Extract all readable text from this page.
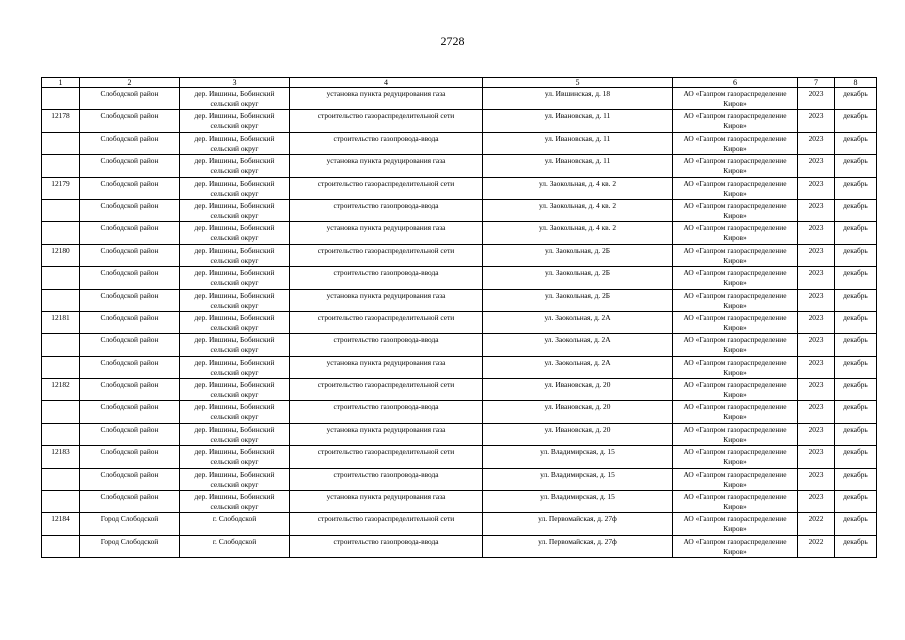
2728
1	2	3	4	5	6	7	8
	Слободской район	дер. Ившины, Бобинский сельский округ	установка пункта редуцирования газа	ул. Ившинская, д. 18	АО «Газпром газораспределение Киров»	2023	декабрь
12178	Слободской район	дер. Ившины, Бобинский сельский округ	строительство газораспределительной сети	ул. Ивановская, д. 11	АО «Газпром газораспределение Киров»	2023	декабрь
	Слободской район	дер. Ившины, Бобинский сельский округ	строительство газопровода-ввода	ул. Ивановская, д. 11	АО «Газпром газораспределение Киров»	2023	декабрь
	Слободской район	дер. Ившины, Бобинский сельский округ	установка пункта редуцирования газа	ул. Ивановская, д. 11	АО «Газпром газораспределение Киров»	2023	декабрь
12179	Слободской район	дер. Ившины, Бобинский сельский округ	строительство газораспределительной сети	ул. Заокольная, д. 4 кв. 2	АО «Газпром газораспределение Киров»	2023	декабрь
	Слободской район	дер. Ившины, Бобинский сельский округ	строительство газопровода-ввода	ул. Заокольная, д. 4 кв. 2	АО «Газпром газораспределение Киров»	2023	декабрь
	Слободской район	дер. Ившины, Бобинский сельский округ	установка пункта редуцирования газа	ул. Заокольная, д. 4 кв. 2	АО «Газпром газораспределение Киров»	2023	декабрь
12180	Слободской район	дер. Ившины, Бобинский сельский округ	строительство газораспределительной сети	ул. Заокольная, д. 2Б	АО «Газпром газораспределение Киров»	2023	декабрь
	Слободской район	дер. Ившины, Бобинский сельский округ	строительство газопровода-ввода	ул. Заокольная, д. 2Б	АО «Газпром газораспределение Киров»	2023	декабрь
	Слободской район	дер. Ившины, Бобинский сельский округ	установка пункта редуцирования газа	ул. Заокольная, д. 2Б	АО «Газпром газораспределение Киров»	2023	декабрь
12181	Слободской район	дер. Ившины, Бобинский сельский округ	строительство газораспределительной сети	ул. Заокольная, д. 2А	АО «Газпром газораспределение Киров»	2023	декабрь
	Слободской район	дер. Ившины, Бобинский сельский округ	строительство газопровода-ввода	ул. Заокольная, д. 2А	АО «Газпром газораспределение Киров»	2023	декабрь
	Слободской район	дер. Ившины, Бобинский сельский округ	установка пункта редуцирования газа	ул. Заокольная, д. 2А	АО «Газпром газораспределение Киров»	2023	декабрь
12182	Слободской район	дер. Ившины, Бобинский сельский округ	строительство газораспределительной сети	ул. Ивановская, д. 20	АО «Газпром газораспределение Киров»	2023	декабрь
	Слободской район	дер. Ившины, Бобинский сельский округ	строительство газопровода-ввода	ул. Ивановская, д. 20	АО «Газпром газораспределение Киров»	2023	декабрь
	Слободской район	дер. Ившины, Бобинский сельский округ	установка пункта редуцирования газа	ул. Ивановская, д. 20	АО «Газпром газораспределение Киров»	2023	декабрь
12183	Слободской район	дер. Ившины, Бобинский сельский округ	строительство газораспределительной сети	ул. Владимирская, д. 15	АО «Газпром газораспределение Киров»	2023	декабрь
	Слободской район	дер. Ившины, Бобинский сельский округ	строительство газопровода-ввода	ул. Владимирская, д. 15	АО «Газпром газораспределение Киров»	2023	декабрь
	Слободской район	дер. Ившины, Бобинский сельский округ	установка пункта редуцирования газа	ул. Владимирская, д. 15	АО «Газпром газораспределение Киров»	2023	декабрь
12184	Город Слободской	г. Слободской	строительство газораспределительной сети	ул. Первомайская, д. 27ф	АО «Газпром газораспределение Киров»	2022	декабрь
	Город Слободской	г. Слободской	строительство газопровода-ввода	ул. Первомайская, д. 27ф	АО «Газпром газораспределение Киров»	2022	декабрь
